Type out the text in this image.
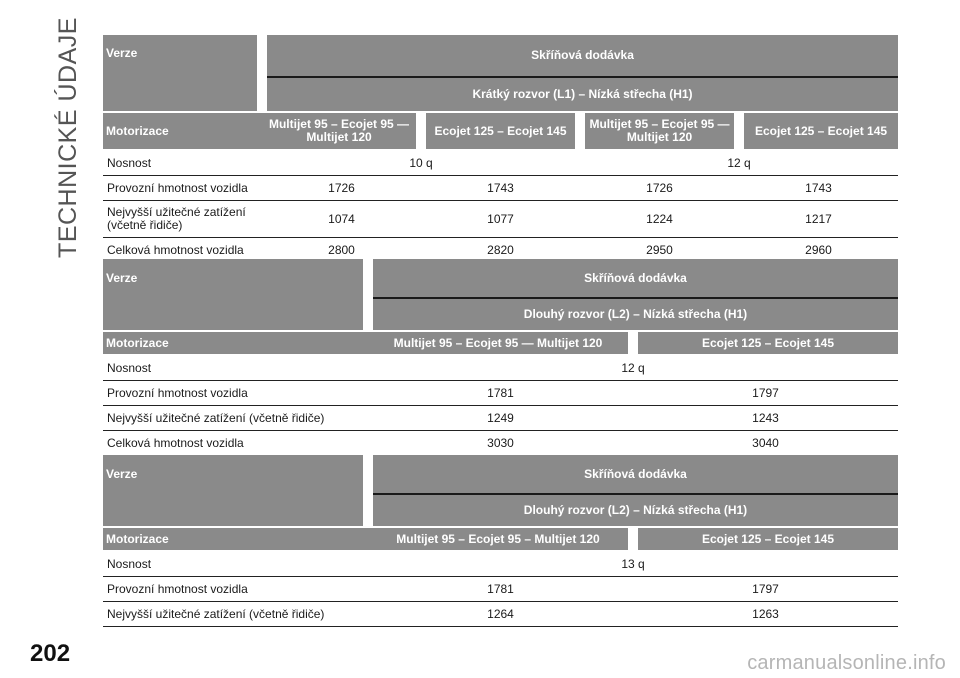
TECHNICKÉ ÚDAJE Verze	Skříňová dodávka			
	Krátký rozvor (L1) – Nízká střecha (H1)			
Motorizace	Multijet 95 – Ecojet 95 — Multijet 120	Ecojet 125 – Ecojet 145	Multijet 95 – Ecojet 95 — Multijet 120	Ecojet 125 – Ecojet 145
Nosnost	10 q		12 q	
Provozní hmotnost vozidla	1726	1743	1726	1743
Nejvyšší užitečné zatížení (včetně řidiče)	1074	1077	1224	1217
Celková hmotnost vozidla	2800	2820	2950	2960
Verze	Skříňová dodávka	
	Dlouhý rozvor (L2) – Nízká střecha (H1)	
Motorizace	Multijet 95 – Ecojet 95 — Multijet 120	Ecojet 125 – Ecojet 145
Nosnost	12 q	
Provozní hmotnost vozidla	1781	1797
Nejvyšší užitečné zatížení (včetně řidiče)	1249	1243
Celková hmotnost vozidla	3030	3040
Verze	Skříňová dodávka	
	Dlouhý rozvor (L2) – Nízká střecha (H1)	
Motorizace	Multijet 95 – Ecojet 95 – Multijet 120	Ecojet 125 – Ecojet 145
Nosnost	13 q	
Provozní hmotnost vozidla	1781	1797
Nejvyšší užitečné zatížení (včetně řidiče)	1264	1263
202	carmanualsonline.info
